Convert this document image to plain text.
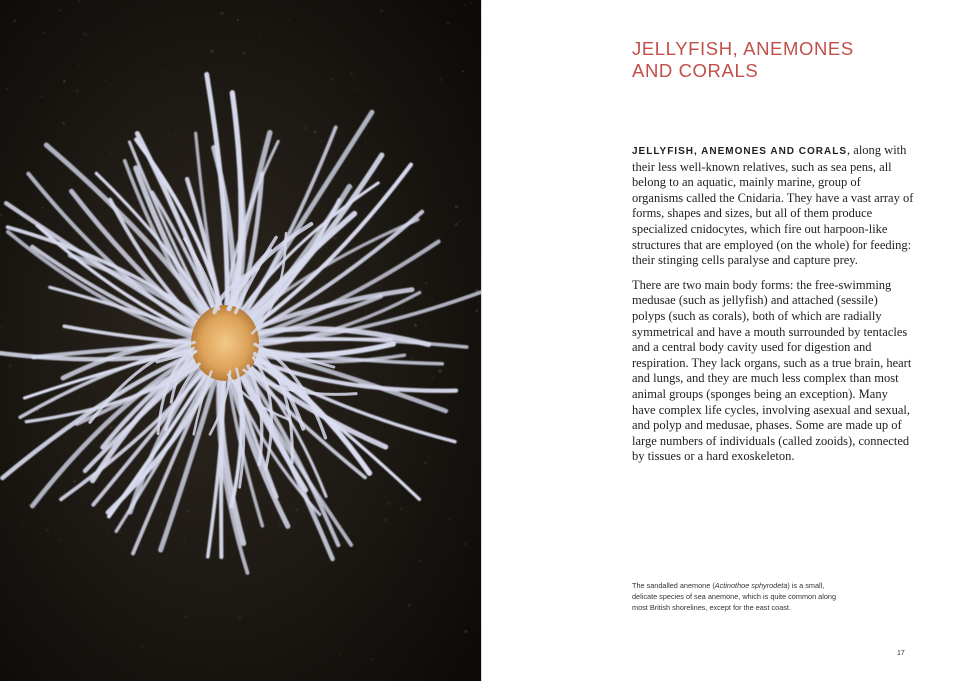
JELLYFISH, ANEMONES
AND CORALS

JELLYFISH, ANEMONES AND CORALS, along with their less well-known relatives, such as sea pens, all belong to an aquatic, mainly marine, group of organisms called the Cnidaria. They have a vast array of forms, shapes and sizes, but all of them produce specialized cnidocytes, which fire out harpoon-like structures that are employed (on the whole) for feeding: their stinging cells paralyse and capture prey.

There are two main body forms: the free-swimming medusae (such as jellyfish) and attached (sessile) polyps (such as corals), both of which are radially symmetrical and have a mouth surrounded by tentacles and a central body cavity used for digestion and respiration. They lack organs, such as a true brain, heart and lungs, and they are much less complex than most animal groups (sponges being an exception). Many have complex life cycles, involving asexual and sexual, and polyp and medusae, phases. Some are made up of large numbers of individuals (called zooids), connected by tissues or a hard exoskeleton.

The sandalled anemone (Actinothoe sphyrodeta) is a small, delicate species of sea anemone, which is quite common along most British shorelines, except for the east coast.
17
